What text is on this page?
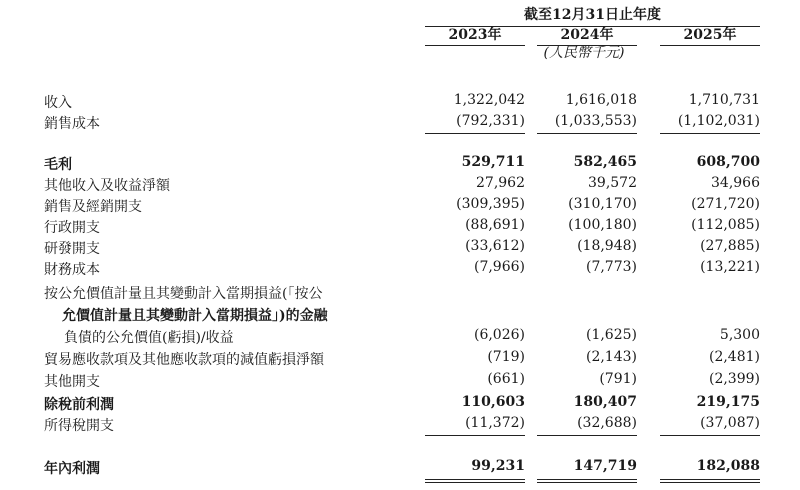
截至12月31日止年度
2023年	2024年	2025年
(人民幣千元)
收入	1,322,042	1,616,018	1,710,731
銷售成本	(792,331)	(1,033,553)	(1,102,031)
毛利	529,711	582,465	608,700
其他收入及收益淨額	27,962	39,572	34,966
銷售及經銷開支	(309,395)	(310,170)	(271,720)
行政開支	(88,691)	(100,180)	(112,085)
研發開支	(33,612)	(18,948)	(27,885)
財務成本	(7,966)	(7,773)	(13,221)
按公允價值計量且其變動計入當期損益(「按公
允價值計量且其變動計入當期損益」)的金融
負債的公允價值(虧損)/收益	(6,026)	(1,625)	5,300
貿易應收款項及其他應收款項的減值虧損淨額	(719)	(2,143)	(2,481)
其他開支	(661)	(791)	(2,399)
除稅前利潤	110,603	180,407	219,175
所得稅開支	(11,372)	(32,688)	(37,087)
年內利潤	99,231	147,719	182,088
